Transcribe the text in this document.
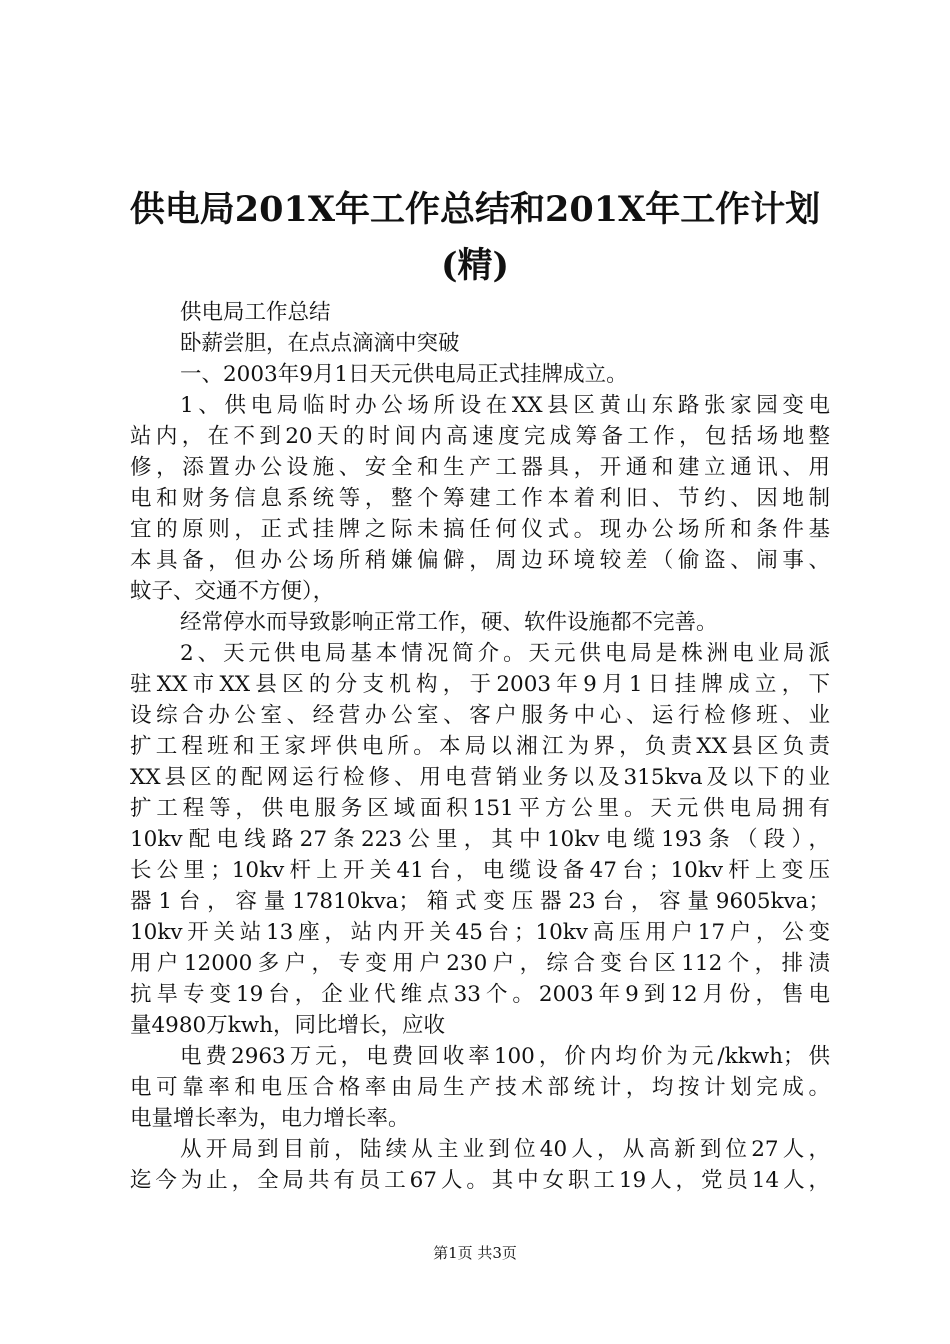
供电局201X年工作总结和201X年工作计划
(精)
供电局工作总结
卧薪尝胆，在点点滴滴中突破
一、2003年9月1日天元供电局正式挂牌成立。
1、供电局临时办公场所设在XX县区黄山东路张家园变电
站内，在不到20天的时间内高速度完成筹备工作，包括场地整
修，添置办公设施、安全和生产工器具，开通和建立通讯、用
电和财务信息系统等，整个筹建工作本着利旧、节约、因地制
宜的原则，正式挂牌之际未搞任何仪式。现办公场所和条件基
本具备，但办公场所稍嫌偏僻，周边环境较差（偷盗、闹事、
蚊子、交通不方便），
经常停水而导致影响正常工作，硬、软件设施都不完善。
2、天元供电局基本情况简介。天元供电局是株洲电业局派
驻XX市XX县区的分支机构，于2003年9月1日挂牌成立，下
设综合办公室、经营办公室、客户服务中心、运行检修班、业
扩工程班和王家坪供电所。本局以湘江为界，负责XX县区负责
XX县区的配网运行检修、用电营销业务以及315kva及以下的业
扩工程等，供电服务区域面积151平方公里。天元供电局拥有
10kv配电线路27条223公里，其中10kv电缆193条（段），
长公里；10kv杆上开关41台，电缆设备47台；10kv杆上变压
器1台，容量17810kva；箱式变压器23台，容量9605kva；
10kv开关站13座，站内开关45台；10kv高压用户17户，公变
用户12000多户，专变用户230户，综合变台区112个，排渍
抗旱专变19台，企业代维点33个。2003年9到12月份，售电
量4980万kwh，同比增长，应收
电费2963万元，电费回收率100，价内均价为元/kkwh；供
电可靠率和电压合格率由局生产技术部统计，均按计划完成。
电量增长率为，电力增长率。
从开局到目前，陆续从主业到位40人，从高新到位27人，
迄今为止，全局共有员工67人。其中女职工19人，党员14人，
第1页 共3页
